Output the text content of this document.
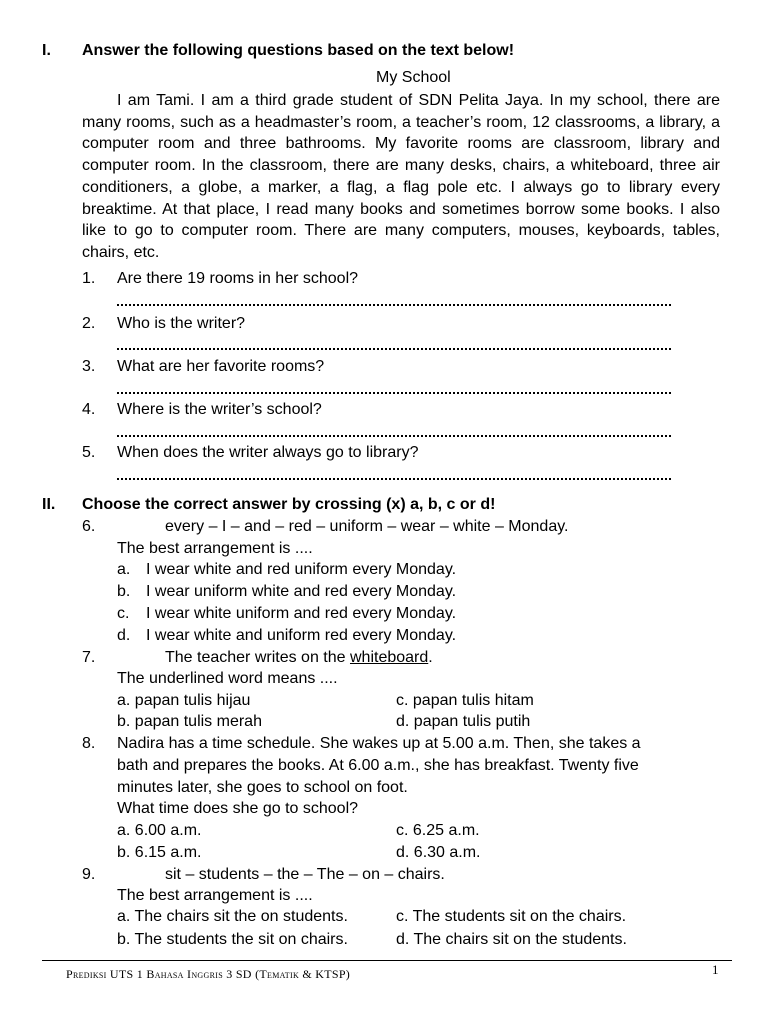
I. Answer the following questions based on the text below!
My School
I am Tami. I am a third grade student of SDN Pelita Jaya. In my school, there are many rooms, such as a headmaster’s room, a teacher’s room, 12 classrooms, a library, a computer room and three bathrooms. My favorite rooms are classroom, library and computer room. In the classroom, there are many desks, chairs, a whiteboard, three air conditioners, a globe, a marker, a flag, a flag pole etc. I always go to library every breaktime. At that place, I read many books and sometimes borrow some books. I also like to go to computer room. There are many computers, mouses, keyboards, tables, chairs, etc.
1. Are there 19 rooms in her school?
2. Who is the writer?
3. What are her favorite rooms?
4. Where is the writer’s school?
5. When does the writer always go to library?
II. Choose the correct answer by crossing (x) a, b, c or d!
6.	every – I – and – red – uniform – wear – white – Monday.
The best arrangement is ....
a. I wear white and red uniform every Monday.
b. I wear uniform white and red every Monday.
c. I wear white uniform and red every Monday.
d. I wear white and uniform red every Monday.
7.	The teacher writes on the whiteboard.
The underlined word means ....
a. papan tulis hijau	c. papan tulis hitam
b. papan tulis merah	d. papan tulis putih
8. Nadira has a time schedule. She wakes up at 5.00 a.m. Then, she takes a
bath and prepares the books. At 6.00 a.m., she has breakfast. Twenty five
minutes later, she goes to school on foot.
What time does she go to school?
a. 6.00 a.m.	c. 6.25 a.m.
b. 6.15 a.m.	d. 6.30 a.m.
9.	sit – students – the – The – on – chairs.
The best arrangement is ....
a. The chairs sit the on students.	c. The students sit on the chairs.
b. The students the sit on chairs.	d. The chairs sit on the students.
Prediksi UTS 1 Bahasa Inggris 3 SD (Tematik & KTSP)	1
